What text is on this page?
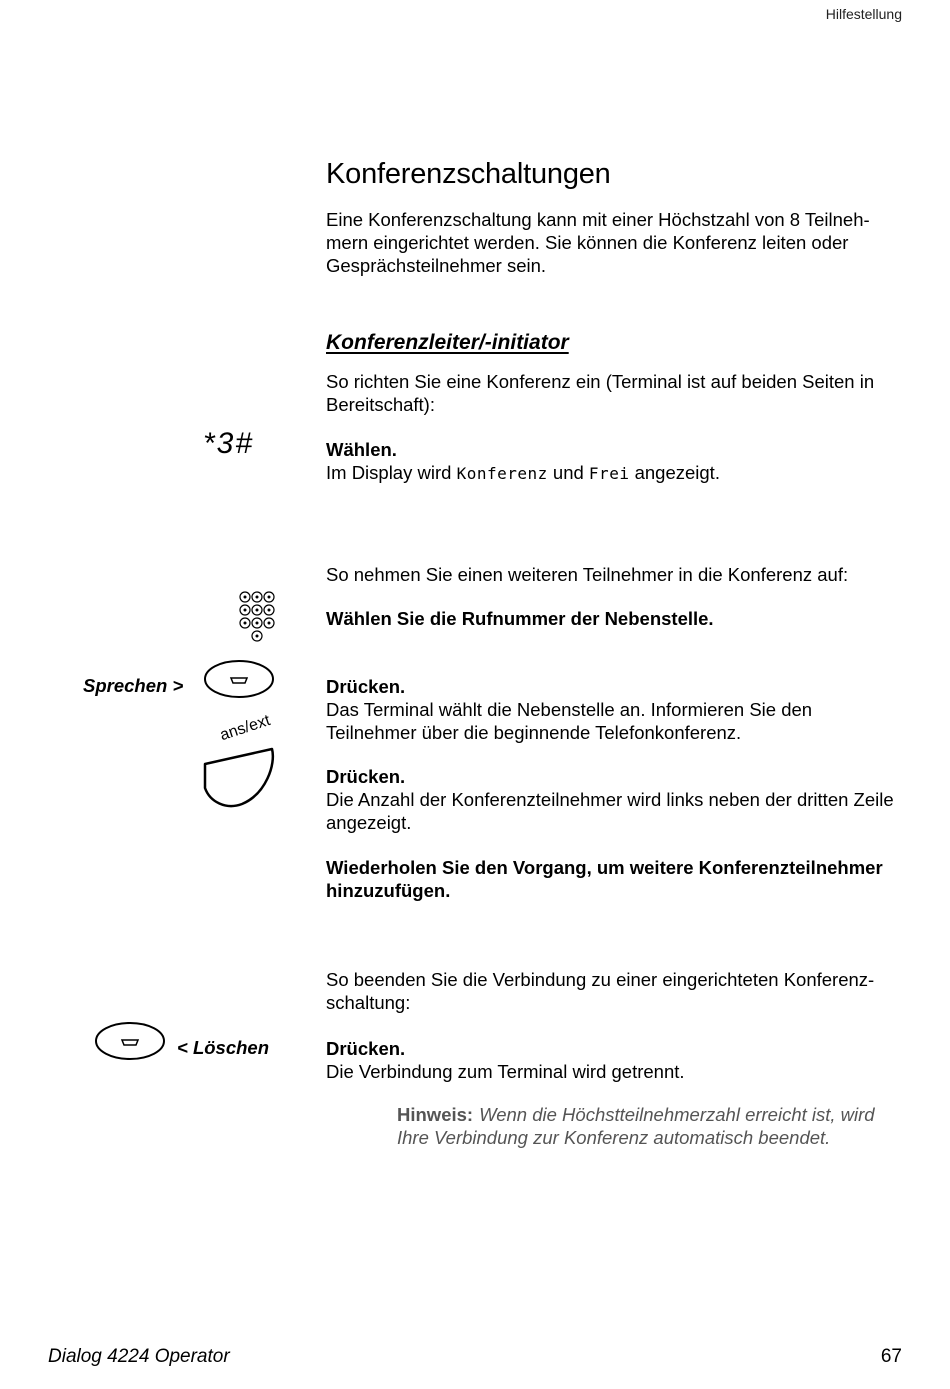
Hilfestellung
Konferenzschaltungen
Eine Konferenzschaltung kann mit einer Höchstzahl von 8 Teilneh-mern eingerichtet werden. Sie können die Konferenz leiten oder Gesprächsteilnehmer sein.
Konferenzleiter/-initiator
So richten Sie eine Konferenz ein (Terminal ist auf beiden Seiten in Bereitschaft):
*3#	Wählen.
Im Display wird Konferenz und Frei angezeigt.
So nehmen Sie einen weiteren Teilnehmer in die Konferenz auf:
Wählen Sie die Rufnummer der Nebenstelle.
Sprechen >	Drücken.
Das Terminal wählt die Nebenstelle an. Informieren Sie den Teilnehmer über die beginnende Telefonkonferenz.
ans/ext
Drücken.
Die Anzahl der Konferenzteilnehmer wird links neben der dritten Zeile angezeigt.
Wiederholen Sie den Vorgang, um weitere Konferenzteilnehmer hinzuzufügen.
So beenden Sie die Verbindung zu einer eingerichteten Konferenz-schaltung:
< Löschen	Drücken.
Die Verbindung zum Terminal wird getrennt.
Hinweis: Wenn die Höchstteilnehmerzahl erreicht ist, wird Ihre Verbindung zur Konferenz automatisch beendet.
Dialog 4224 Operator	67
